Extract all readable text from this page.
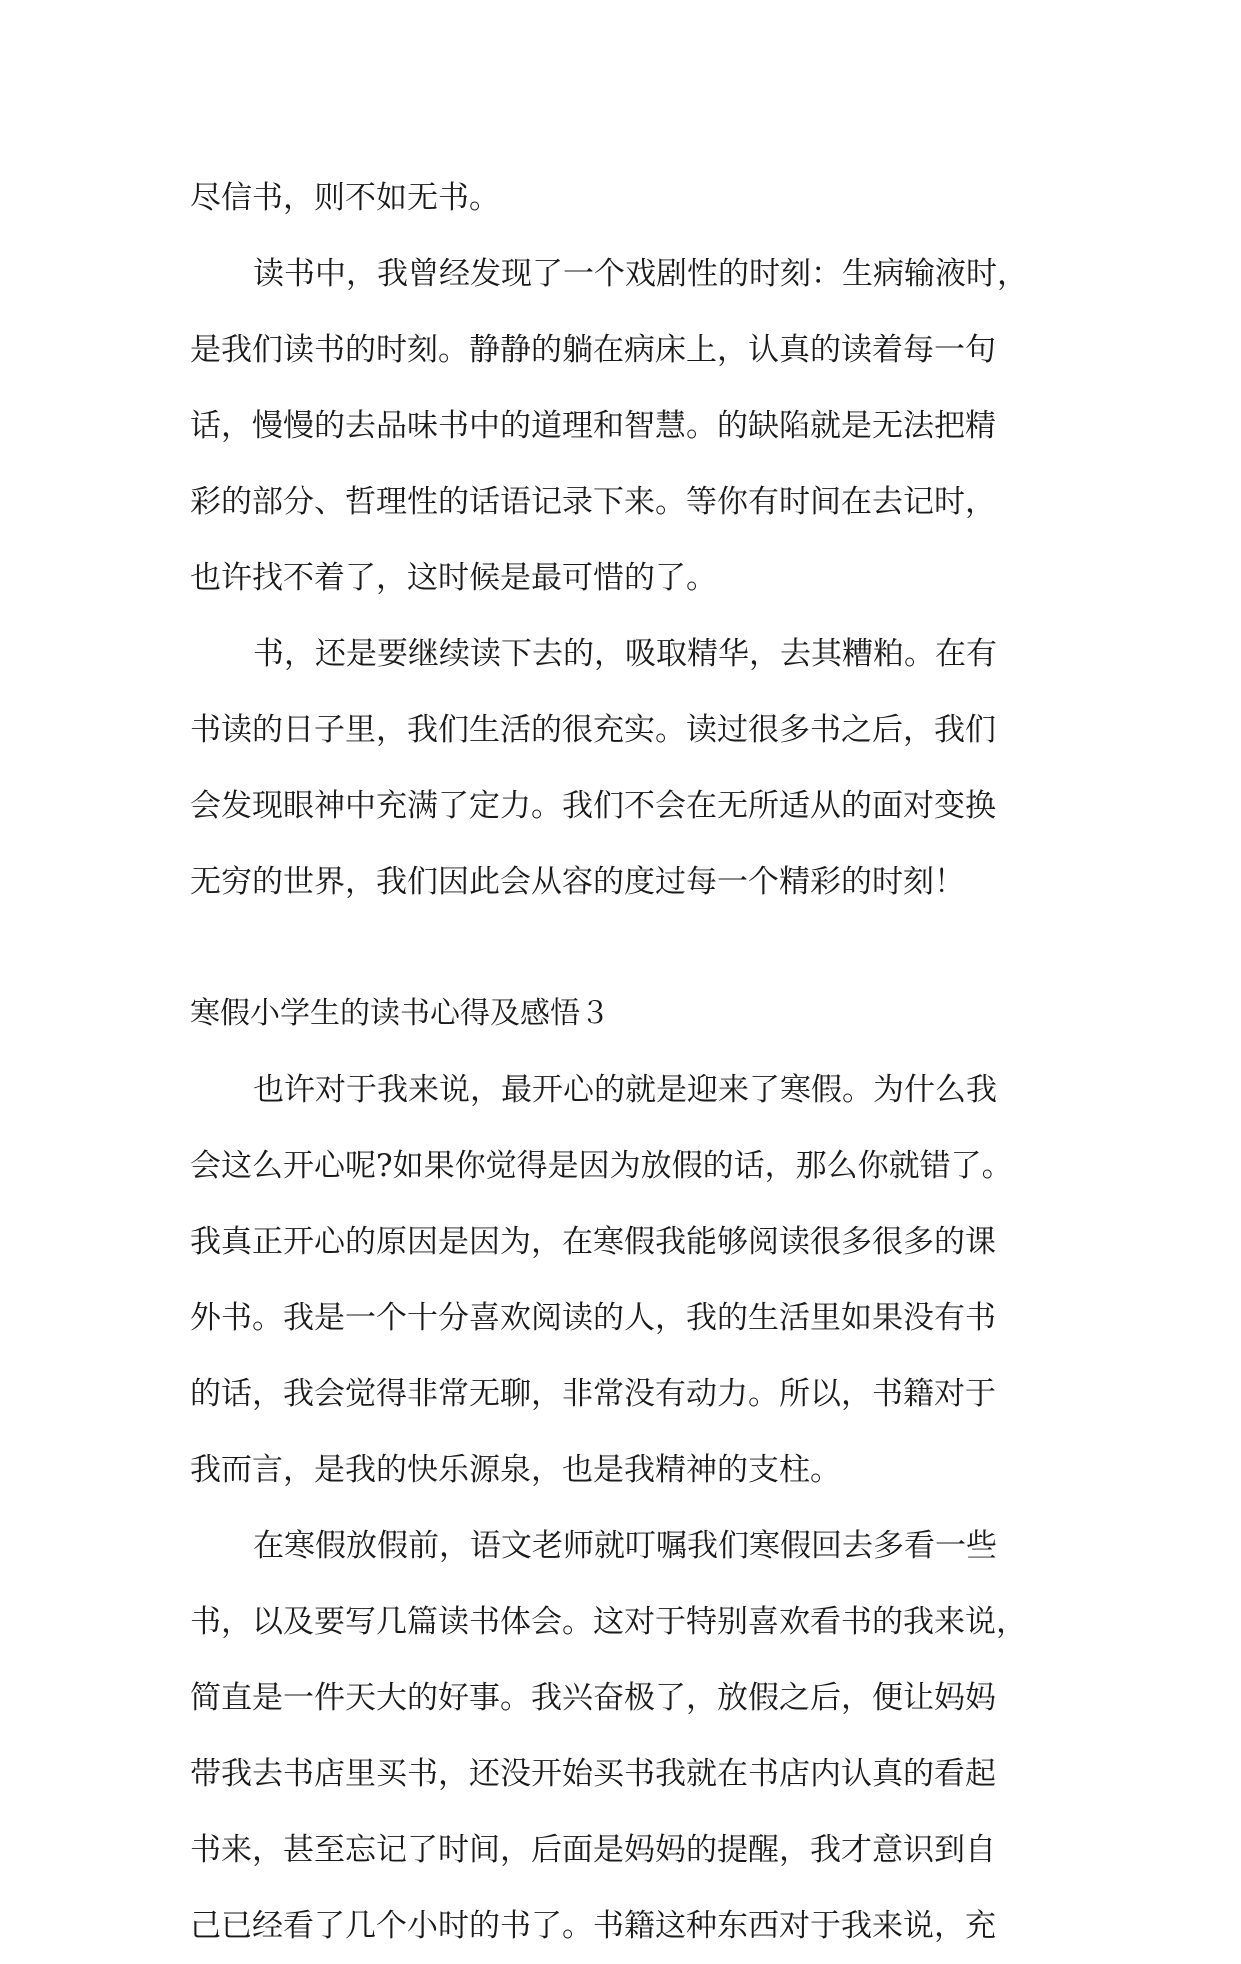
尽信书，则不如无书。
读书中，我曾经发现了一个戏剧性的时刻：生病输液时，
是我们读书的时刻。静静的躺在病床上，认真的读着每一句
话，慢慢的去品味书中的道理和智慧。的缺陷就是无法把精
彩的部分、哲理性的话语记录下来。等你有时间在去记时，
也许找不着了，这时候是最可惜的了。
书，还是要继续读下去的，吸取精华，去其糟粕。在有
书读的日子里，我们生活的很充实。读过很多书之后，我们
会发现眼神中充满了定力。我们不会在无所适从的面对变换
无穷的世界，我们因此会从容的度过每一个精彩的时刻！
寒假小学生的读书心得及感悟３
也许对于我来说，最开心的就是迎来了寒假。为什么我
会这么开心呢?如果你觉得是因为放假的话，那么你就错了。
我真正开心的原因是因为，在寒假我能够阅读很多很多的课
外书。我是一个十分喜欢阅读的人，我的生活里如果没有书
的话，我会觉得非常无聊，非常没有动力。所以，书籍对于
我而言，是我的快乐源泉，也是我精神的支柱。
在寒假放假前，语文老师就叮嘱我们寒假回去多看一些
书，以及要写几篇读书体会。这对于特别喜欢看书的我来说，
简直是一件天大的好事。我兴奋极了，放假之后，便让妈妈
带我去书店里买书，还没开始买书我就在书店内认真的看起
书来，甚至忘记了时间，后面是妈妈的提醒，我才意识到自
己已经看了几个小时的书了。书籍这种东西对于我来说，充
